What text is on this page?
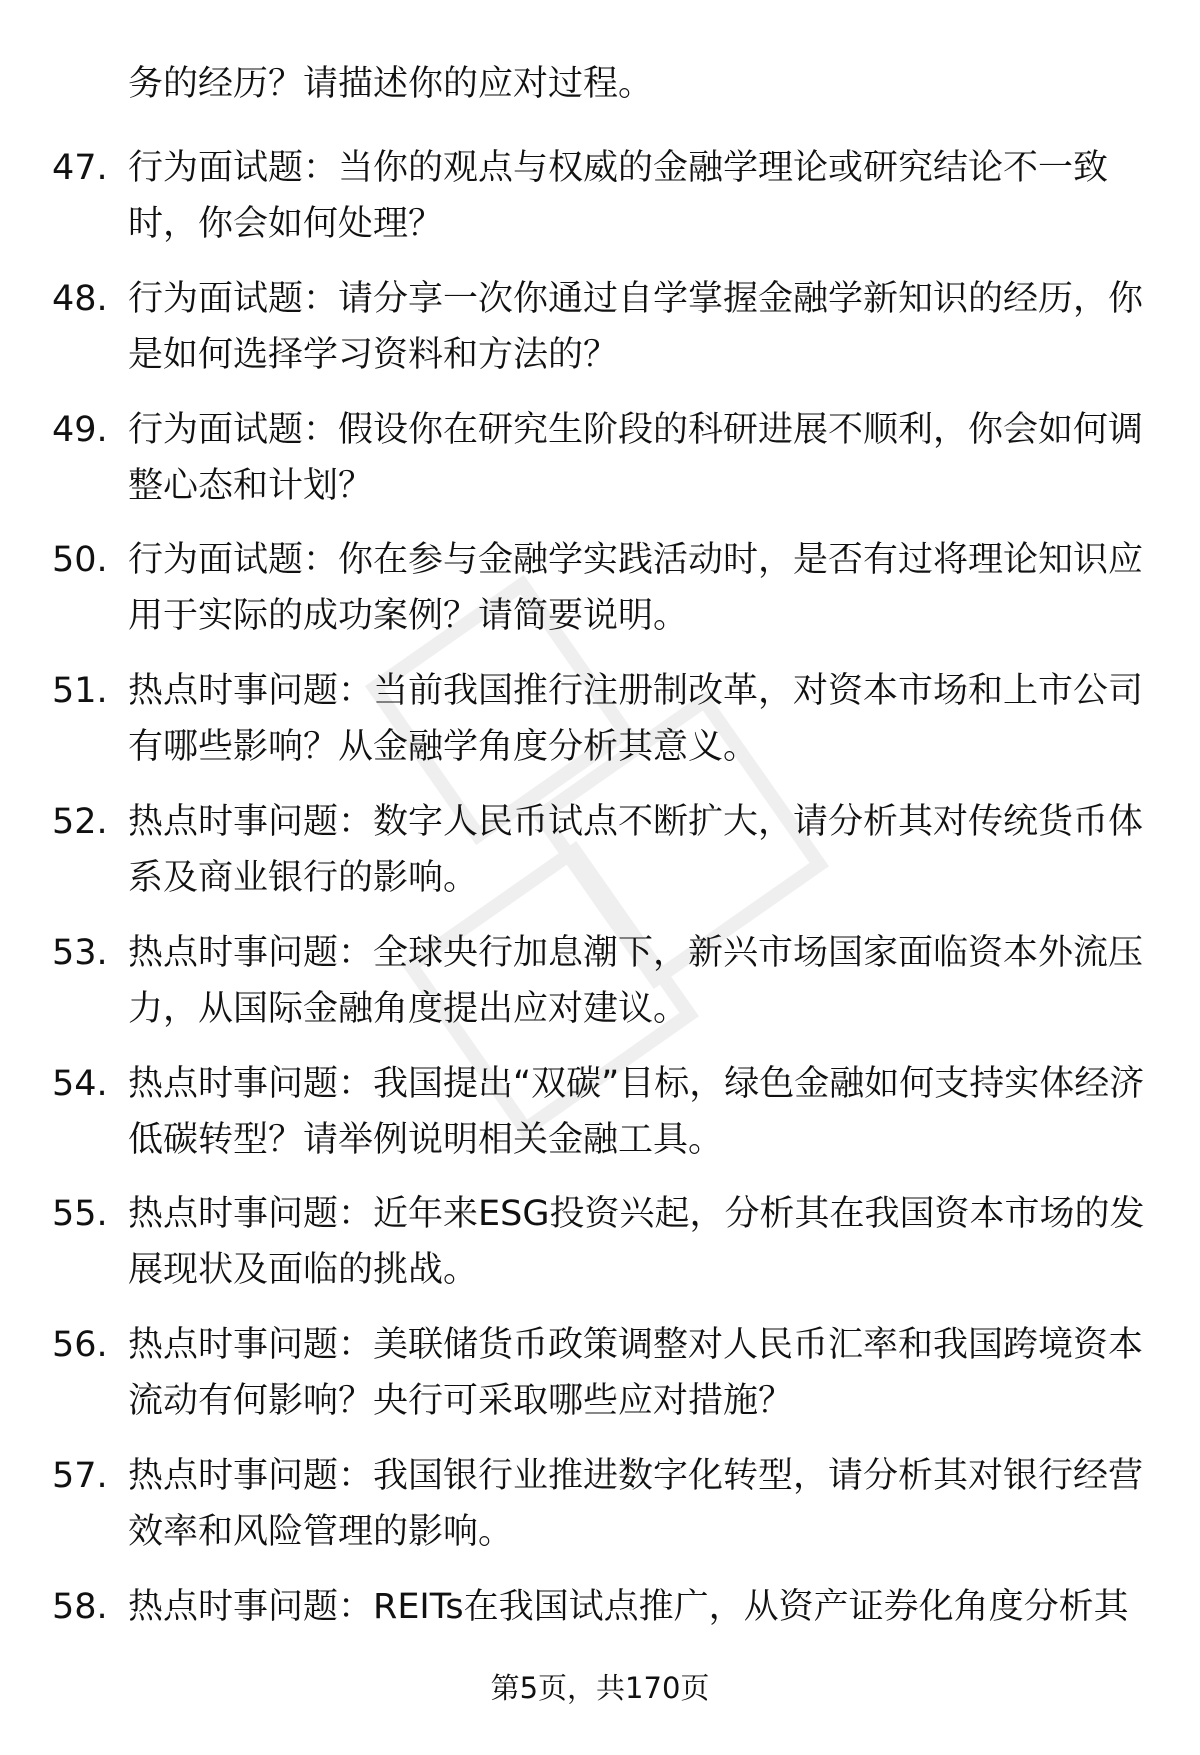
务的经历？请描述你的应对过程。
47. 行为面试题：当你的观点与权威的金融学理论或研究结论不一致时，你会如何处理？
48. 行为面试题：请分享一次你通过自学掌握金融学新知识的经历，你是如何选择学习资料和方法的？
49. 行为面试题：假设你在研究生阶段的科研进展不顺利，你会如何调整心态和计划？
50. 行为面试题：你在参与金融学实践活动时，是否有过将理论知识应用于实际的成功案例？请简要说明。
51. 热点时事问题：当前我国推行注册制改革，对资本市场和上市公司有哪些影响？从金融学角度分析其意义。
52. 热点时事问题：数字人民币试点不断扩大，请分析其对传统货币体系及商业银行的影响。
53. 热点时事问题：全球央行加息潮下，新兴市场国家面临资本外流压力，从国际金融角度提出应对建议。
54. 热点时事问题：我国提出“双碳”目标，绿色金融如何支持实体经济低碳转型？请举例说明相关金融工具。
55. 热点时事问题：近年来ESG投资兴起，分析其在我国资本市场的发展现状及面临的挑战。
56. 热点时事问题：美联储货币政策调整对人民币汇率和我国跨境资本流动有何影响？央行可采取哪些应对措施？
57. 热点时事问题：我国银行业推进数字化转型，请分析其对银行经营效率和风险管理的影响。
58. 热点时事问题：REITs在我国试点推广，从资产证券化角度分析其
第5页，共170页
